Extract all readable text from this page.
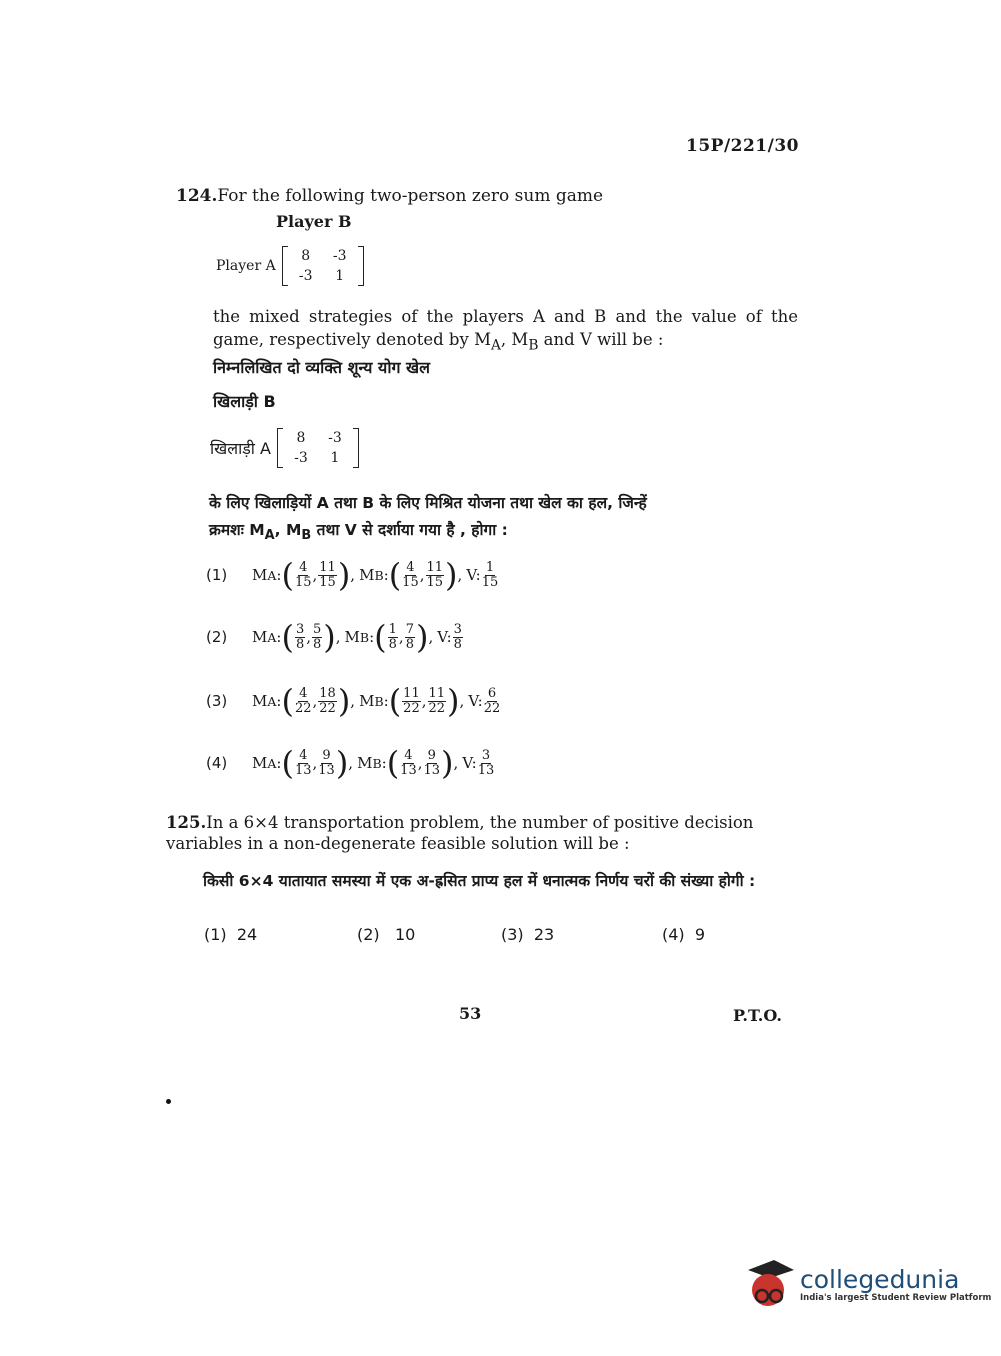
15P/221/30
124.For the following two-person zero sum game
Player B
Player A
8	-3
-3	1
the mixed strategies of the players A and B and the value of the game, respectively denoted by $M_A$, $M_B$ and V will be :
निम्नलिखित दो व्यक्ति शून्य योग खेल
खिलाड़ी B
खिलाड़ी A
8	-3
-3	1
के लिए खिलाड़ियों A तथा B के लिए मिश्रित योजना तथा खेल का हल, जिन्हें
क्रमशः $M_A$, $M_B$ तथा V से दर्शाया गया है , होगा :
(1)	M A : ( $\frac{4}{15}$ , $\frac{11}{15}$ ) , M B : ( $\frac{4}{15}$ , $\frac{11}{15}$ ) , V: $\frac{1}{15}$
(2)	M A : ( $\frac{3}{8}$ , $\frac{5}{8}$ ) , M B : ( $\frac{1}{8}$ , $\frac{7}{8}$ ) , V: $\frac{3}{8}$
(3)	M A : ( $\frac{4}{22}$ , $\frac{18}{22}$ ) , M B : ( $\frac{11}{22}$ , $\frac{11}{22}$ ) , V: $\frac{6}{22}$
(4)	M A : ( $\frac{4}{13}$ , $\frac{9}{13}$ ) , M B : ( $\frac{4}{13}$ , $\frac{9}{13}$ ) , V: $\frac{3}{13}$
125.In a 6×4 transportation problem, the number of positive decision variables in a non-degenerate feasible solution will be :
किसी 6×4 यातायात समस्या में एक अ-ह्रसित प्राप्य हल में धनात्मक निर्णय चरों की संख्या होगी :
(1) 24	(2) 10	(3) 23	(4) 9
53	P.T.O.
collegedunia
India's largest Student Review Platform
